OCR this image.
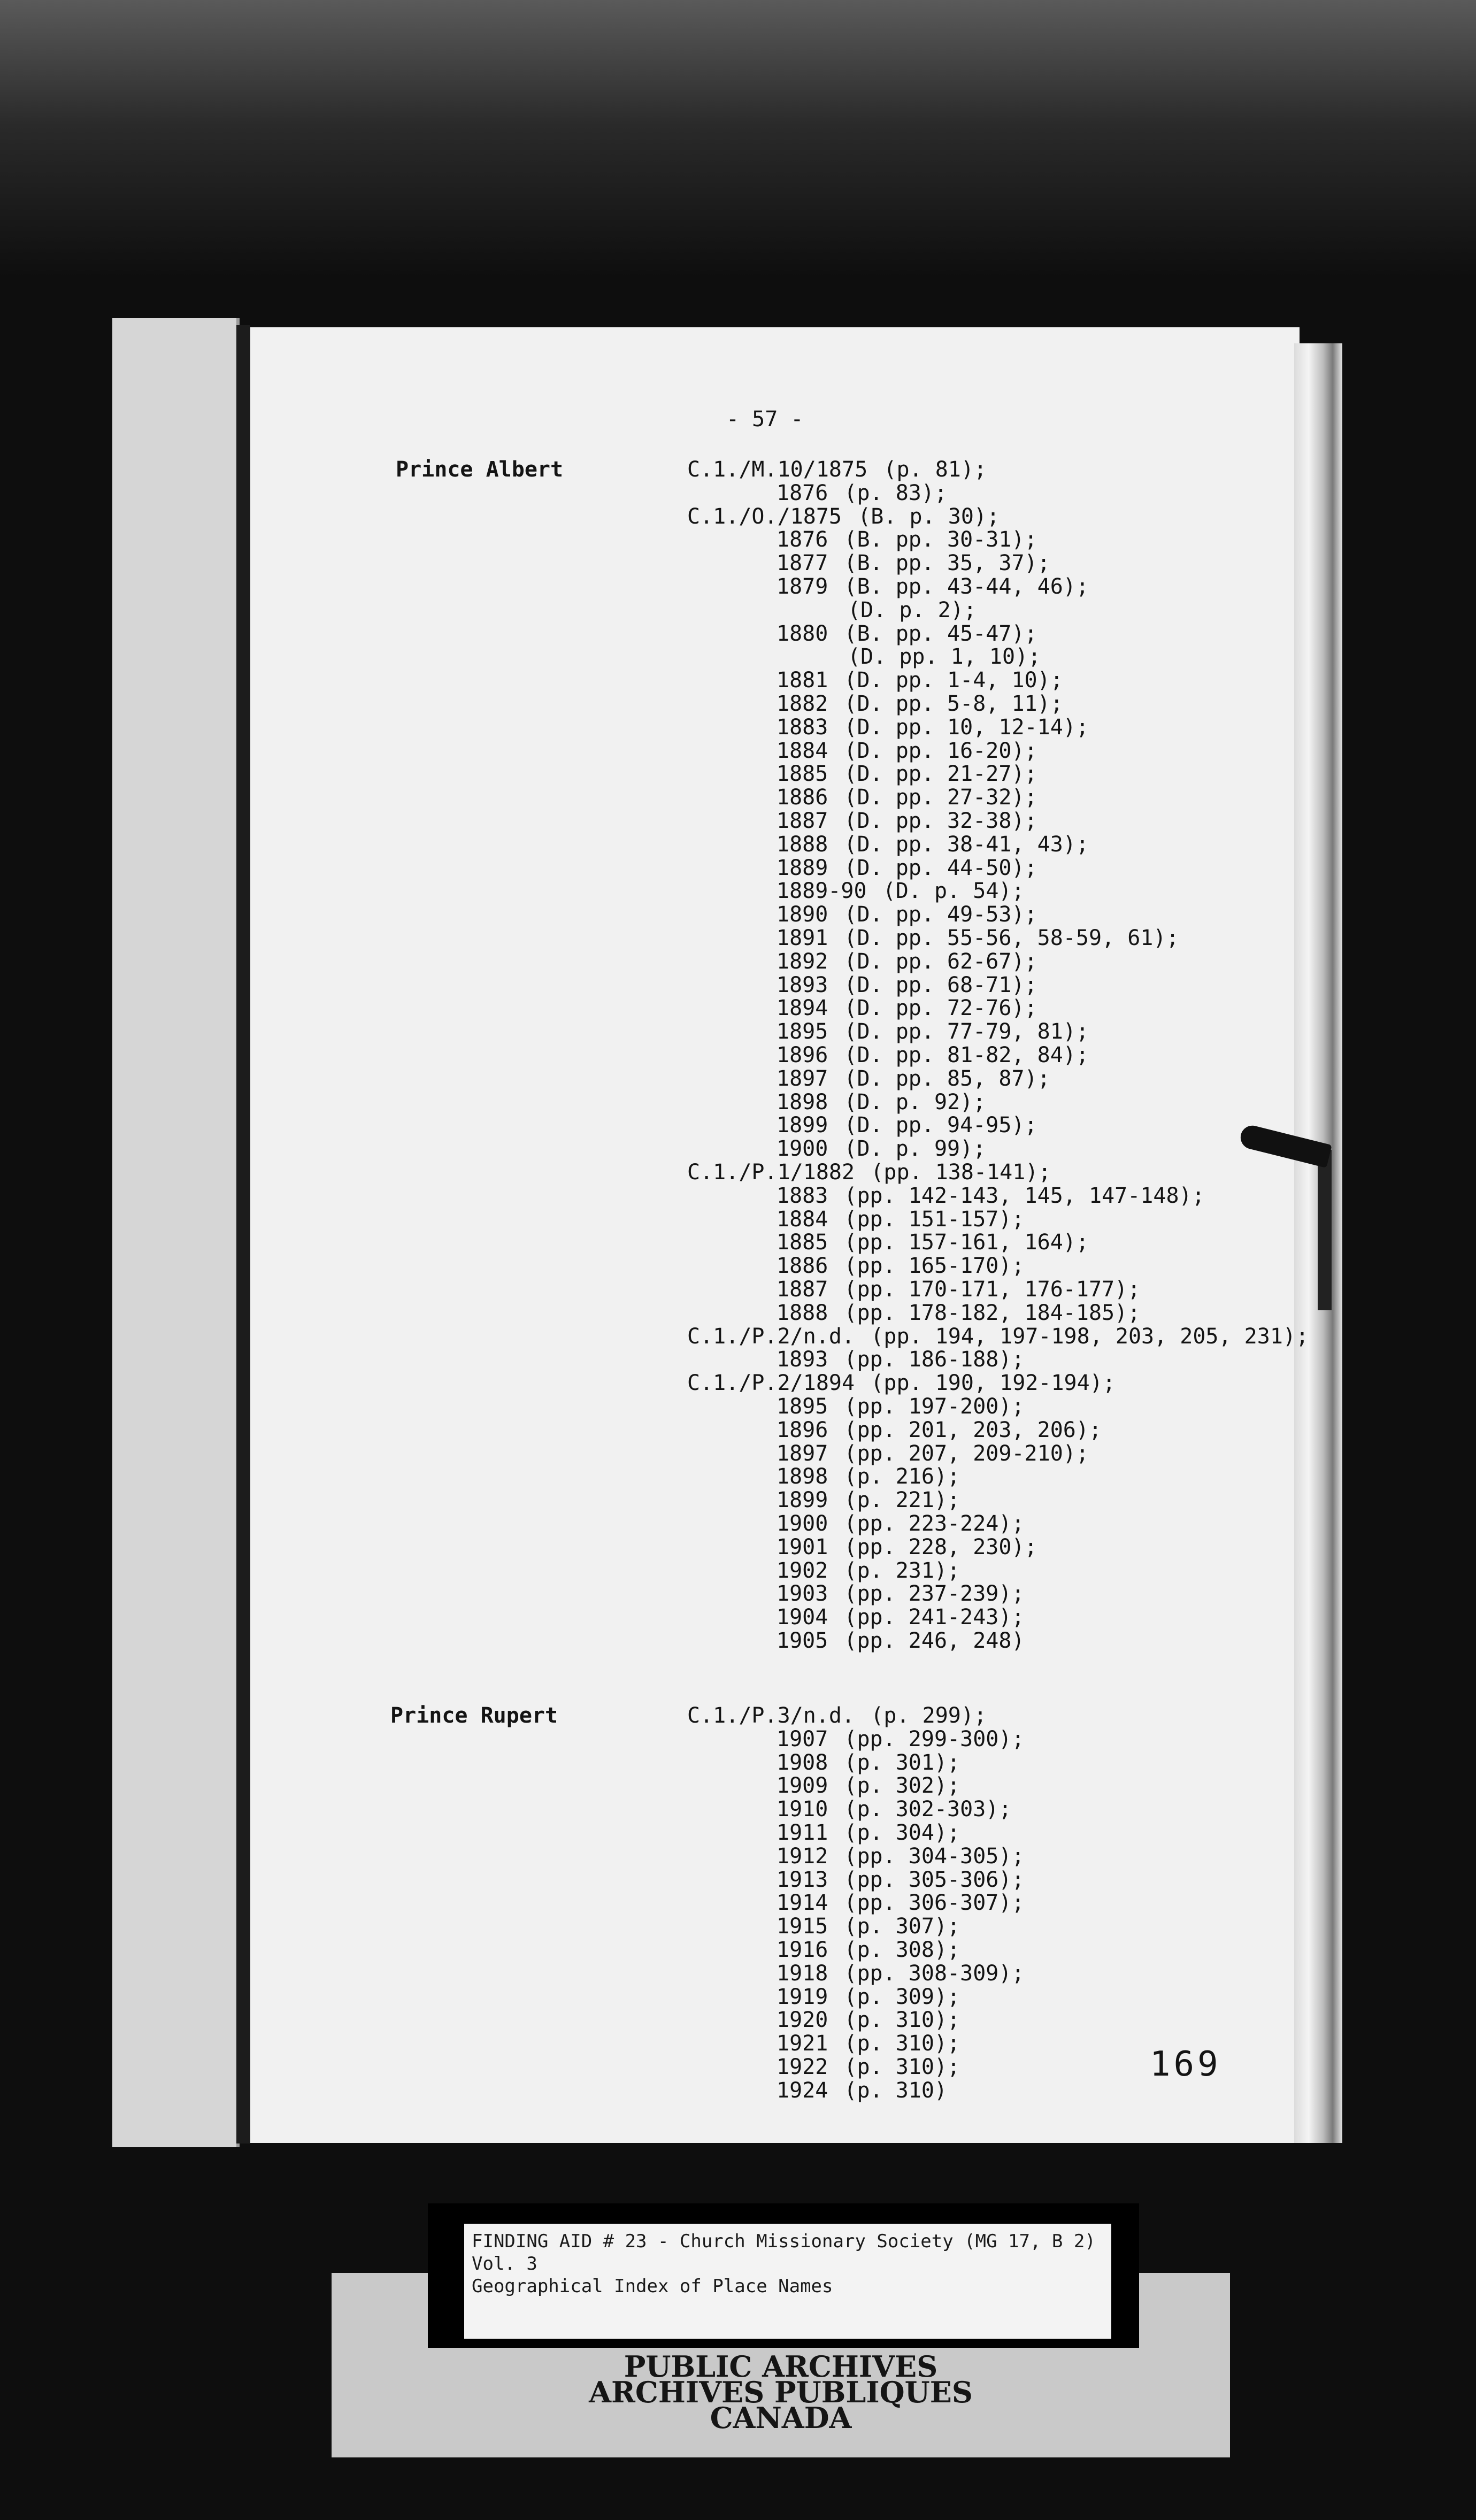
- 57 -
Prince Albert	C.1./M.10/1875 (p. 81);
1876 (p. 83);
C.1./O./1875 (B. p. 30);
1876 (B. pp. 30-31);
1877 (B. pp. 35, 37);
1879 (B. pp. 43-44, 46);
(D. p. 2);
1880 (B. pp. 45-47);
(D. pp. 1, 10);
1881 (D. pp. 1-4, 10);
1882 (D. pp. 5-8, 11);
1883 (D. pp. 10, 12-14);
1884 (D. pp. 16-20);
1885 (D. pp. 21-27);
1886 (D. pp. 27-32);
1887 (D. pp. 32-38);
1888 (D. pp. 38-41, 43);
1889 (D. pp. 44-50);
1889-90 (D. p. 54);
1890 (D. pp. 49-53);
1891 (D. pp. 55-56, 58-59, 61);
1892 (D. pp. 62-67);
1893 (D. pp. 68-71);
1894 (D. pp. 72-76);
1895 (D. pp. 77-79, 81);
1896 (D. pp. 81-82, 84);
1897 (D. pp. 85, 87);
1898 (D. p. 92);
1899 (D. pp. 94-95);
1900 (D. p. 99);
C.1./P.1/1882 (pp. 138-141);
1883 (pp. 142-143, 145, 147-148);
1884 (pp. 151-157);
1885 (pp. 157-161, 164);
1886 (pp. 165-170);
1887 (pp. 170-171, 176-177);
1888 (pp. 178-182, 184-185);
C.1./P.2/n.d. (pp. 194, 197-198, 203, 205, 231);
1893 (pp. 186-188);
C.1./P.2/1894 (pp. 190, 192-194);
1895 (pp. 197-200);
1896 (pp. 201, 203, 206);
1897 (pp. 207, 209-210);
1898 (p. 216);
1899 (p. 221);
1900 (pp. 223-224);
1901 (pp. 228, 230);
1902 (p. 231);
1903 (pp. 237-239);
1904 (pp. 241-243);
1905 (pp. 246, 248)
Prince Rupert	C.1./P.3/n.d. (p. 299);
1907 (pp. 299-300);
1908 (p. 301);
1909 (p. 302);
1910 (p. 302-303);
1911 (p. 304);
1912 (pp. 304-305);
1913 (pp. 305-306);
1914 (pp. 306-307);
1915 (p. 307);
1916 (p. 308);
1918 (pp. 308-309);
1919 (p. 309);
1920 (p. 310);
1921 (p. 310);
1922 (p. 310);
1924 (p. 310)
169
FINDING AID # 23 - Church Missionary Society (MG 17, B 2)
Vol. 3
Geographical Index of Place Names
PUBLIC ARCHIVES
ARCHIVES PUBLIQUES
CANADA
